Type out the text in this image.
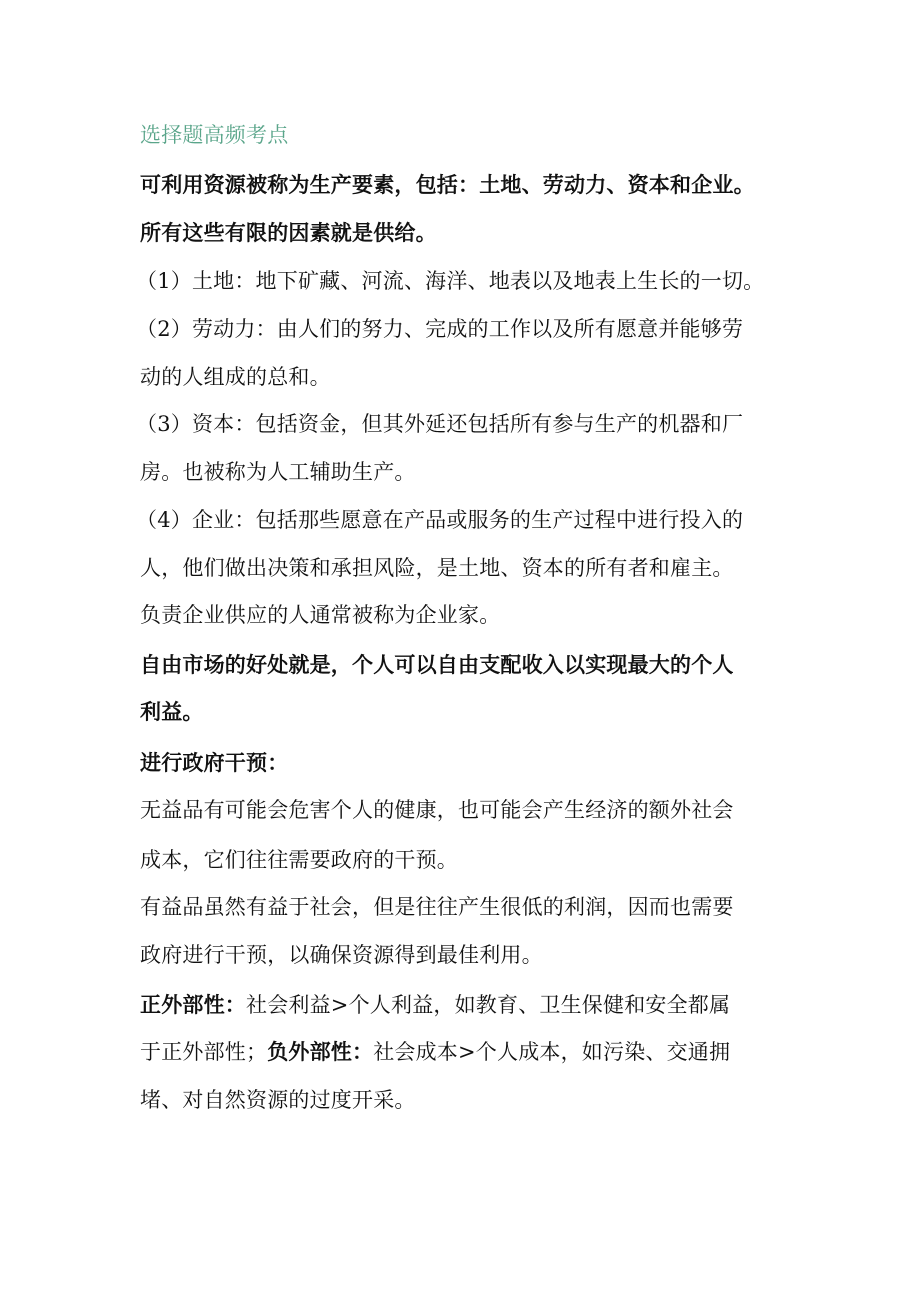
选择题高频考点
可利用资源被称为生产要素，包括：土地、劳动力、资本和企业。
所有这些有限的因素就是供给。
（1）土地：地下矿藏、河流、海洋、地表以及地表上生长的一切。
（2）劳动力：由人们的努力、完成的工作以及所有愿意并能够劳
动的人组成的总和。
（3）资本：包括资金，但其外延还包括所有参与生产的机器和厂
房。也被称为人工辅助生产。
（4）企业：包括那些愿意在产品或服务的生产过程中进行投入的
人，他们做出决策和承担风险，是土地、资本的所有者和雇主。
负责企业供应的人通常被称为企业家。
自由市场的好处就是，个人可以自由支配收入以实现最大的个人
利益。
进行政府干预：
无益品有可能会危害个人的健康，也可能会产生经济的额外社会
成本，它们往往需要政府的干预。
有益品虽然有益于社会，但是往往产生很低的利润，因而也需要
政府进行干预，以确保资源得到最佳利用。
正外部性：社会利益>个人利益，如教育、卫生保健和安全都属
于正外部性；负外部性：社会成本>个人成本，如污染、交通拥
堵、对自然资源的过度开采。
